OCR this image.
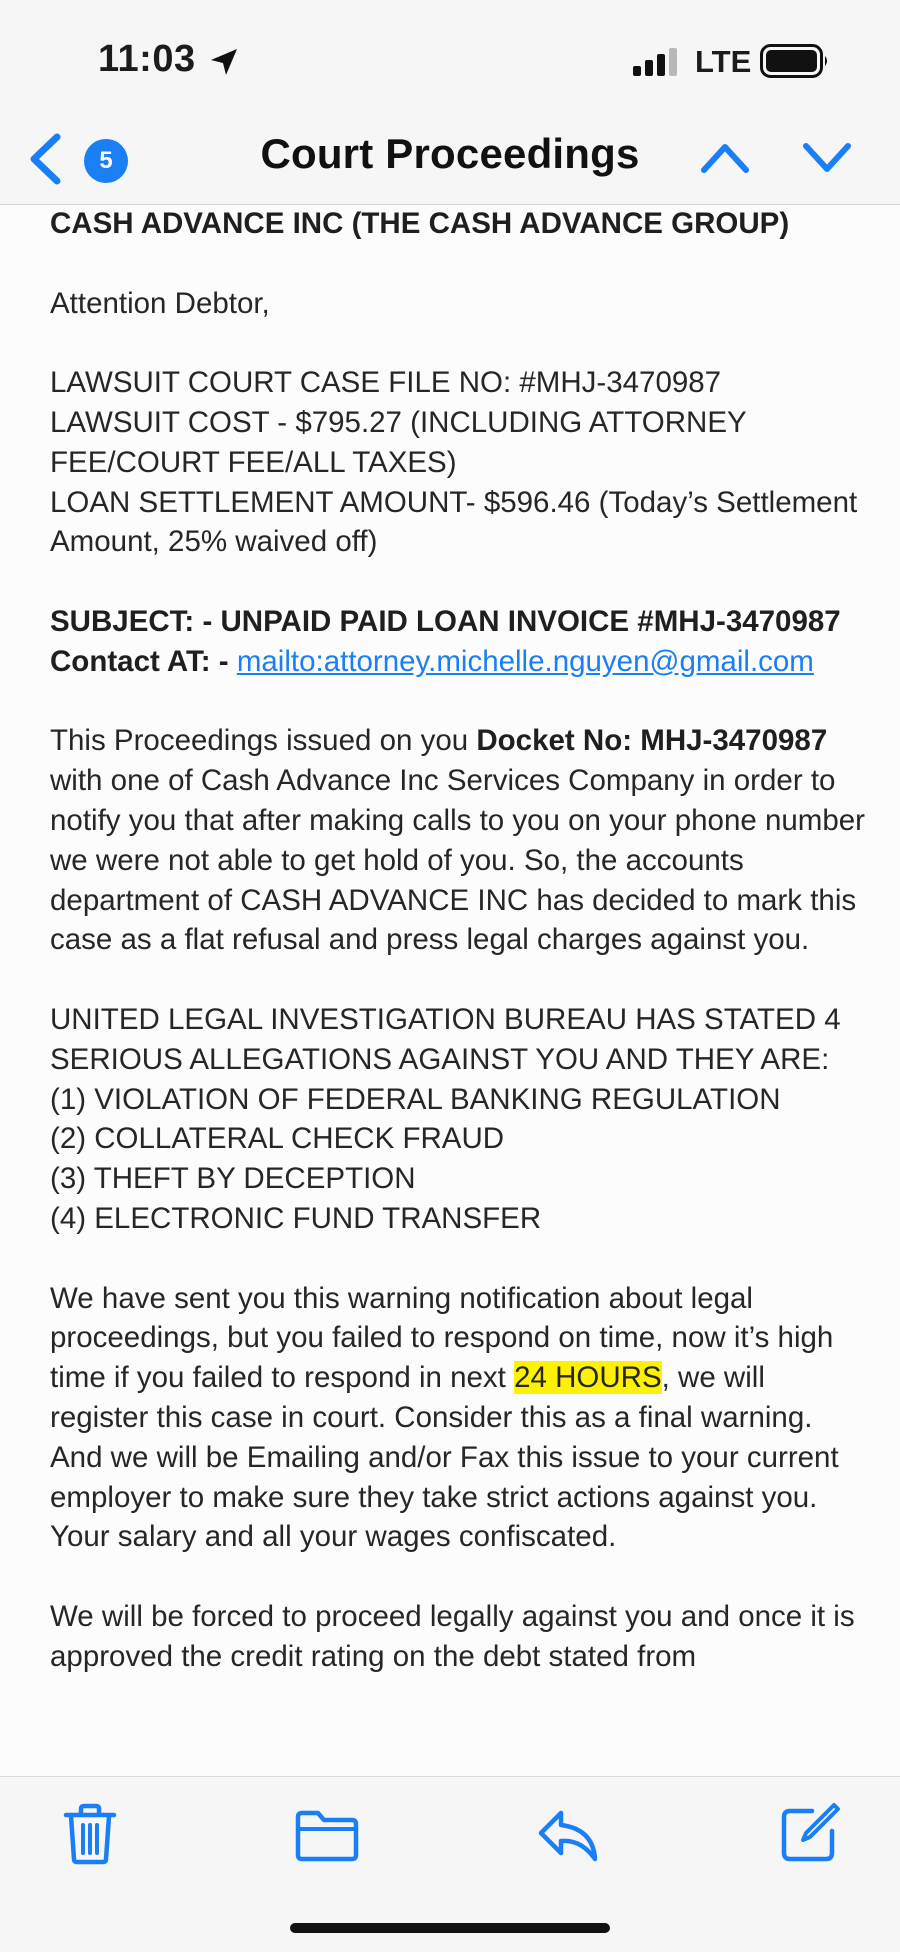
11:03	LTE
Court Proceedings
5

CASH ADVANCE INC (THE CASH ADVANCE GROUP)

Attention Debtor,

LAWSUIT COURT CASE FILE NO: #MHJ-3470987

LAWSUIT COST - $795.27 (INCLUDING ATTORNEY FEE/COURT FEE/ALL TAXES)

LOAN SETTLEMENT AMOUNT- $596.46 (Today’s Settlement Amount, 25% waived off)

SUBJECT: - UNPAID PAID LOAN INVOICE #MHJ-3470987

Contact AT: - mailto:attorney.michelle.nguyen@gmail.com

This Proceedings issued on you Docket No: MHJ-3470987 with one of Cash Advance Inc Services Company in order to notify you that after making calls to you on your phone number we were not able to get hold of you. So, the accounts department of CASH ADVANCE INC has decided to mark this case as a flat refusal and press legal charges against you.

UNITED LEGAL INVESTIGATION BUREAU HAS STATED 4 SERIOUS ALLEGATIONS AGAINST YOU AND THEY ARE:

(1) VIOLATION OF FEDERAL BANKING REGULATION

(2) COLLATERAL CHECK FRAUD

(3) THEFT BY DECEPTION

(4) ELECTRONIC FUND TRANSFER

We have sent you this warning notification about legal proceedings, but you failed to respond on time, now it’s high time if you failed to respond in next 24 HOURS, we will register this case in court. Consider this as a final warning. And we will be Emailing and/or Fax this issue to your current employer to make sure they take strict actions against you. Your salary and all your wages confiscated.

We will be forced to proceed legally against you and once it is approved the credit rating on the debt stated from
